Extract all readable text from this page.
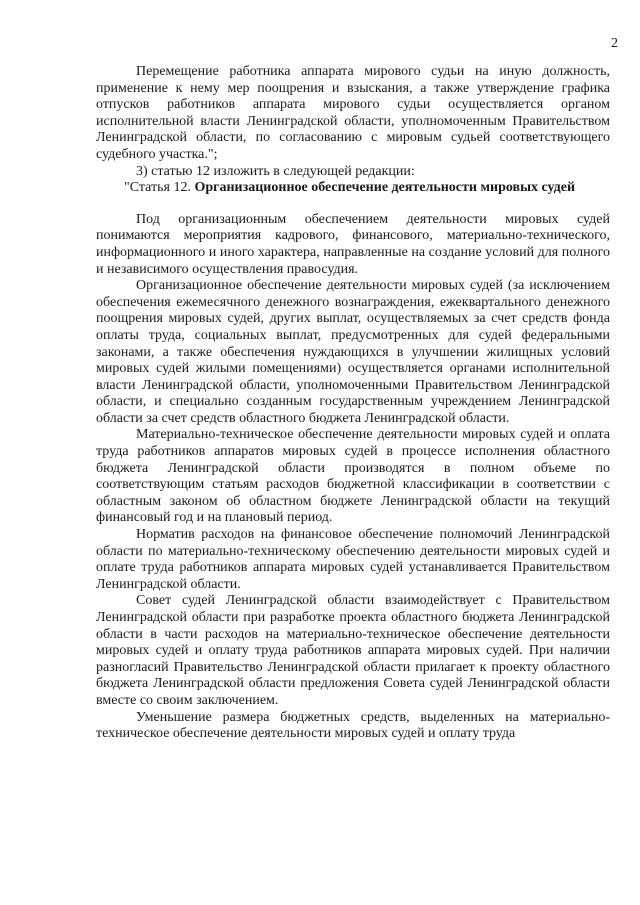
2

Перемещение работника аппарата мирового судьи на иную должность, применение к нему мер поощрения и взыскания, а также утверждение графика отпусков работников аппарата мирового судьи осуществляется органом исполнительной власти Ленинградской области, уполномоченным Правительством Ленинградской области, по согласованию с мировым судьей соответствующего судебного участка.";

3) статью 12 изложить в следующей редакции:

"Статья 12. Организационное обеспечение деятельности мировых судей

Под организационным обеспечением деятельности мировых судей понимаются мероприятия кадрового, финансового, материально-технического, информационного и иного характера, направленные на создание условий для полного и независимого осуществления правосудия.

Организационное обеспечение деятельности мировых судей (за исключением обеспечения ежемесячного денежного вознаграждения, ежеквартального денежного поощрения мировых судей, других выплат, осуществляемых за счет средств фонда оплаты труда, социальных выплат, предусмотренных для судей федеральными законами, а также обеспечения нуждающихся в улучшении жилищных условий мировых судей жилыми помещениями) осуществляется органами исполнительной власти Ленинградской области, уполномоченными Правительством Ленинградской области, и специально созданным государственным учреждением Ленинградской области за счет средств областного бюджета Ленинградской области.

Материально-техническое обеспечение деятельности мировых судей и оплата труда работников аппаратов мировых судей в процессе исполнения областного бюджета Ленинградской области производятся в полном объеме по соответствующим статьям расходов бюджетной классификации в соответствии с областным законом об областном бюджете Ленинградской области на текущий финансовый год и на плановый период.

Норматив расходов на финансовое обеспечение полномочий Ленинградской области по материально-техническому обеспечению деятельности мировых судей и оплате труда работников аппарата мировых судей устанавливается Правительством Ленинградской области.

Совет судей Ленинградской области взаимодействует с Правительством Ленинградской области при разработке проекта областного бюджета Ленинградской области в части расходов на материально-техническое обеспечение деятельности мировых судей и оплату труда работников аппарата мировых судей. При наличии разногласий Правительство Ленинградской области прилагает к проекту областного бюджета Ленинградской области предложения Совета судей Ленинградской области вместе со своим заключением.

Уменьшение размера бюджетных средств, выделенных на материально-техническое обеспечение деятельности мировых судей и оплату труда
